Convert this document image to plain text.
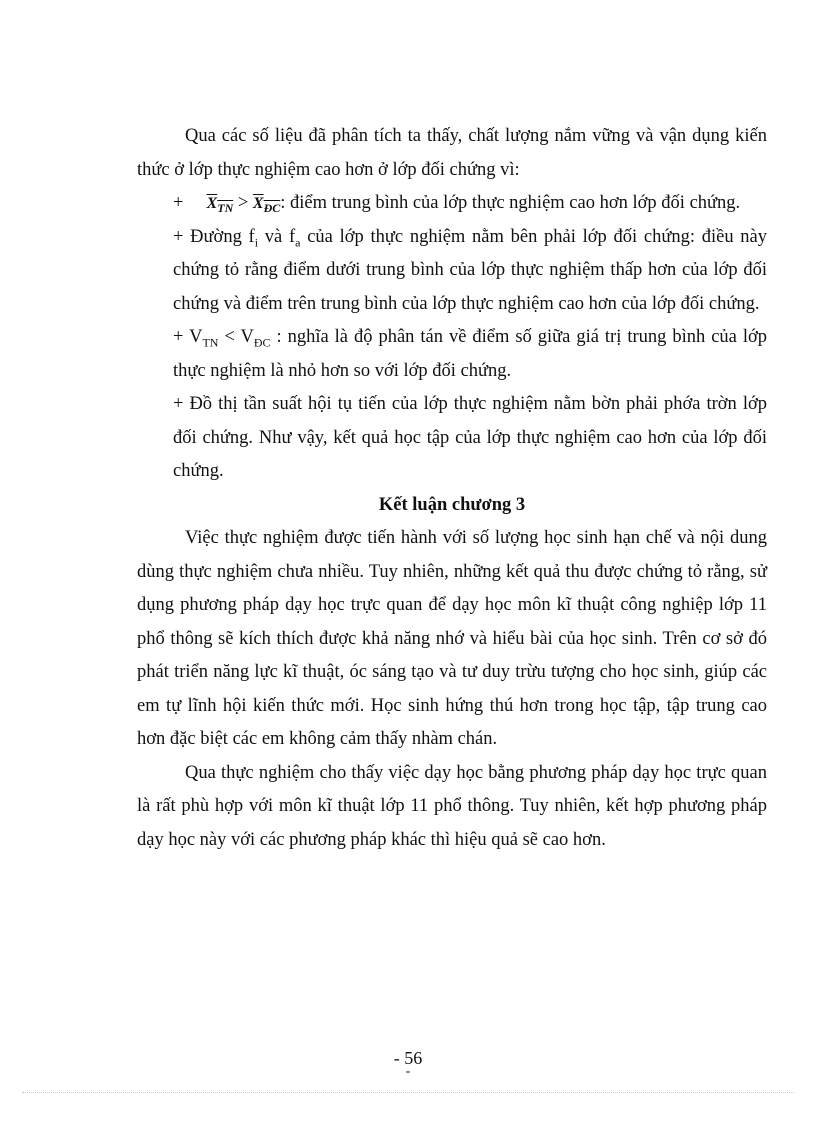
Qua các số liệu đã phân tích ta thấy, chất lượng nắm vững và vận dụng kiến thức ở lớp thực nghiệm cao hơn ở lớp đối chứng vì:

+ $X_{TN} > X_{ĐC}$: điểm trung bình của lớp thực nghiệm cao hơn lớp đối chứng.

+ Đường $f_i$ và $f_a$ của lớp thực nghiệm nằm bên phải lớp đối chứng: điều này chứng tỏ rằng điểm dưới trung bình của lớp thực nghiệm thấp hơn của lớp đối chứng và điểm trên trung bình của lớp thực nghiệm cao hơn của lớp đối chứng.

+ $V_{TN} < V_{ĐC}$ : nghĩa là độ phân tán về điểm số giữa giá trị trung bình của lớp thực nghiệm là nhỏ hơn so với lớp đối chứng.

+ Đồ thị tần suất hội tụ tiến của lớp thực nghiệm nằm bờn phải phớa trờn lớp đối chứng. Như vậy, kết quả học tập của lớp thực nghiệm cao hơn của lớp đối chứng.

Kết luận chương 3

Việc thực nghiệm được tiến hành với số lượng học sinh hạn chế và nội dung dùng thực nghiệm chưa nhiều. Tuy nhiên, những kết quả thu được chứng tỏ rằng, sử dụng phương pháp dạy học trực quan để dạy học môn kĩ thuật công nghiệp lớp 11 phổ thông sẽ kích thích được khả năng nhớ và hiểu bài của học sinh. Trên cơ sở đó phát triển năng lực kĩ thuật, óc sáng tạo và tư duy trừu tượng cho học sinh, giúp các em tự lĩnh hội kiến thức mới. Học sinh hứng thú hơn trong học tập, tập trung cao hơn đặc biệt các em không cảm thấy nhàm chán.

Qua thực nghiệm cho thấy việc dạy học bằng phương pháp dạy học trực quan là rất phù hợp với môn kĩ thuật lớp 11 phổ thông. Tuy nhiên, kết hợp phương pháp dạy học này với các phương pháp khác thì hiệu quả sẽ cao hơn.

- 56
-
